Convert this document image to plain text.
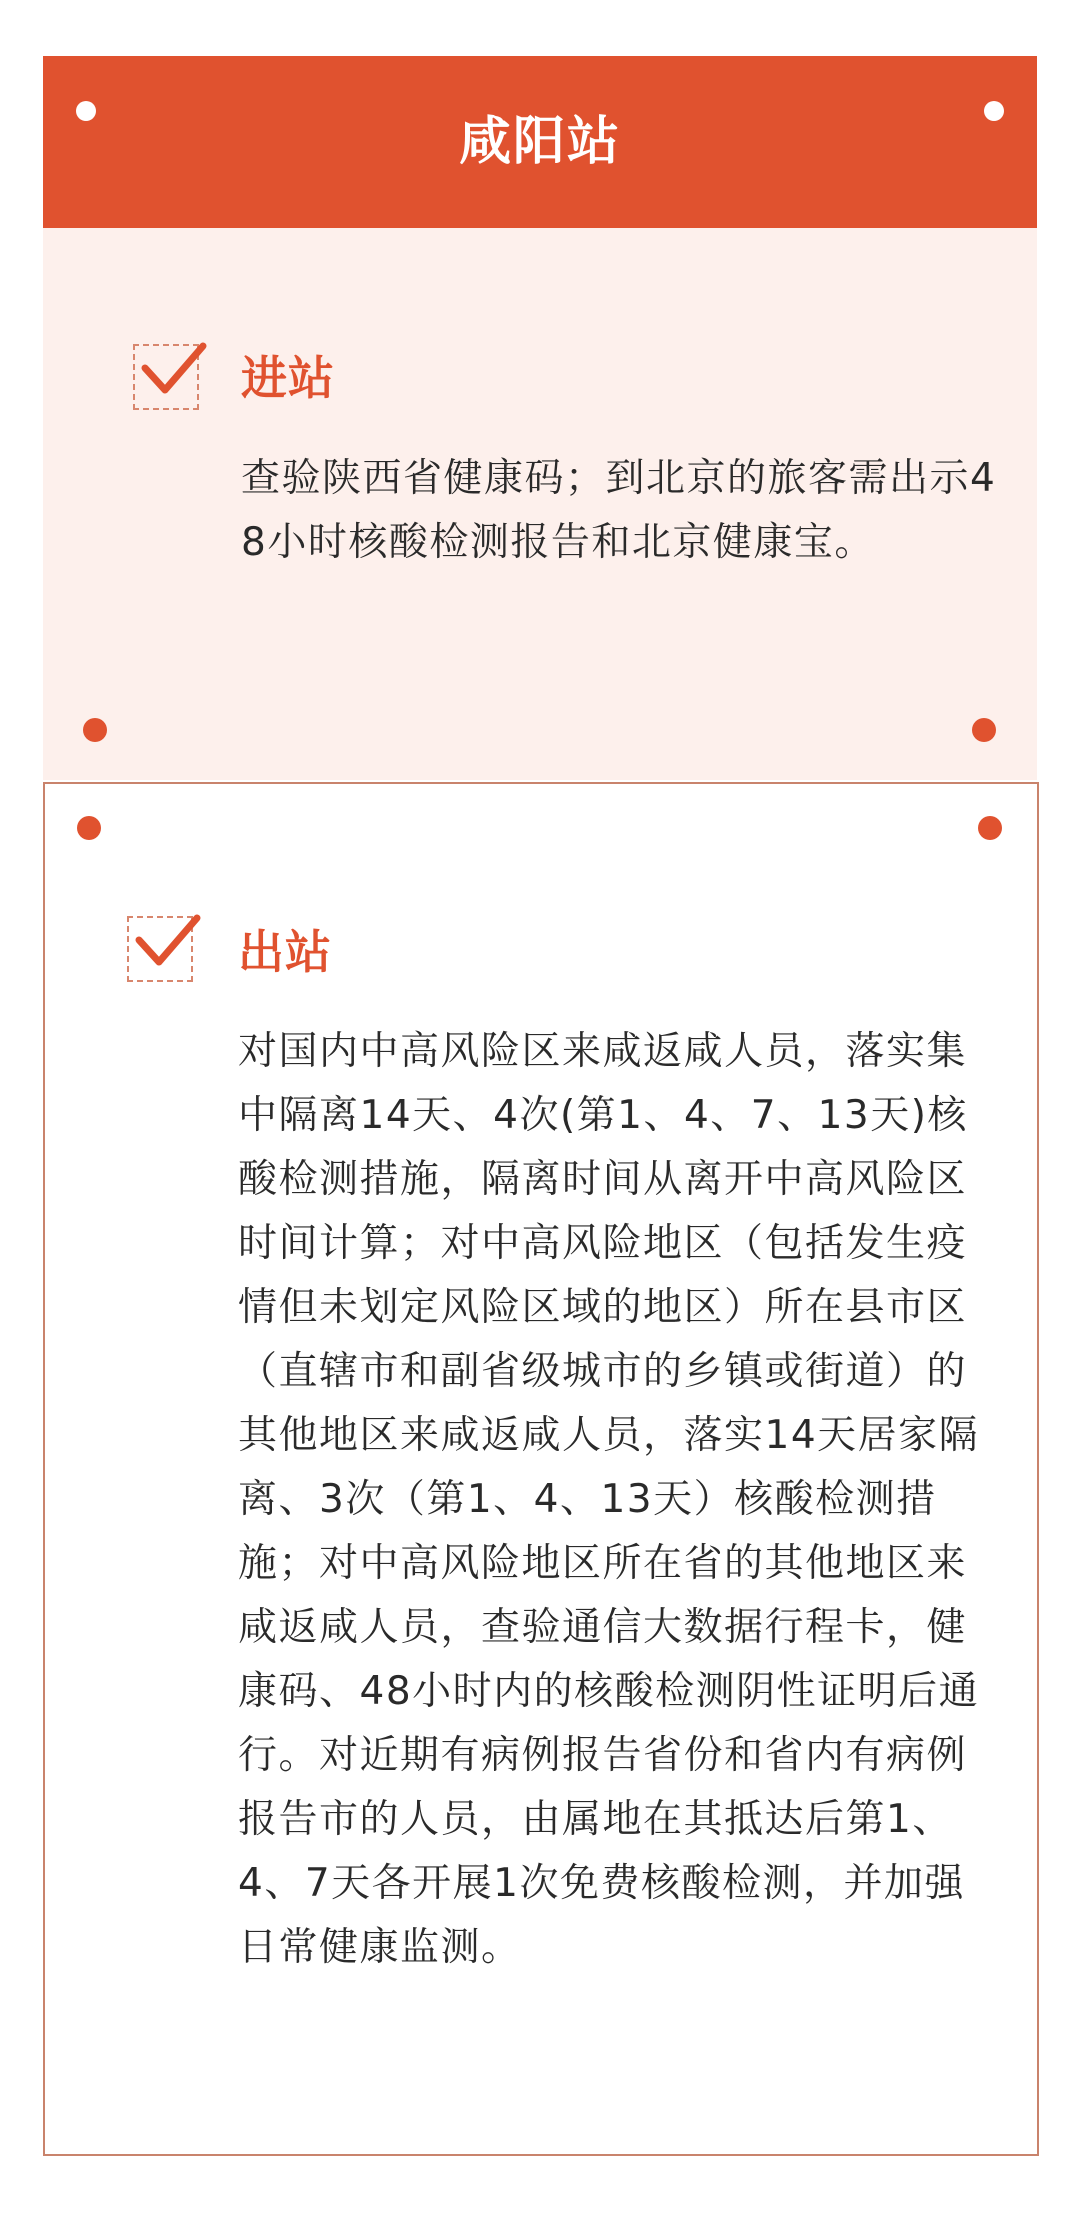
咸阳站
进站
查验陕西省健康码；到北京的旅客需出示48小时核酸检测报告和北京健康宝。
出站
对国内中高风险区来咸返咸人员，落实集中隔离14天、4次(第1、4、7、13天)核酸检测措施，隔离时间从离开中高风险区时间计算；对中高风险地区（包括发生疫情但未划定风险区域的地区）所在县市区（直辖市和副省级城市的乡镇或街道）的其他地区来咸返咸人员，落实14天居家隔离、3次（第1、4、13天）核酸检测措施；对中高风险地区所在省的其他地区来咸返咸人员，查验通信大数据行程卡，健康码、48小时内的核酸检测阴性证明后通行。对近期有病例报告省份和省内有病例报告市的人员，由属地在其抵达后第1、4、7天各开展1次免费核酸检测，并加强日常健康监测。
